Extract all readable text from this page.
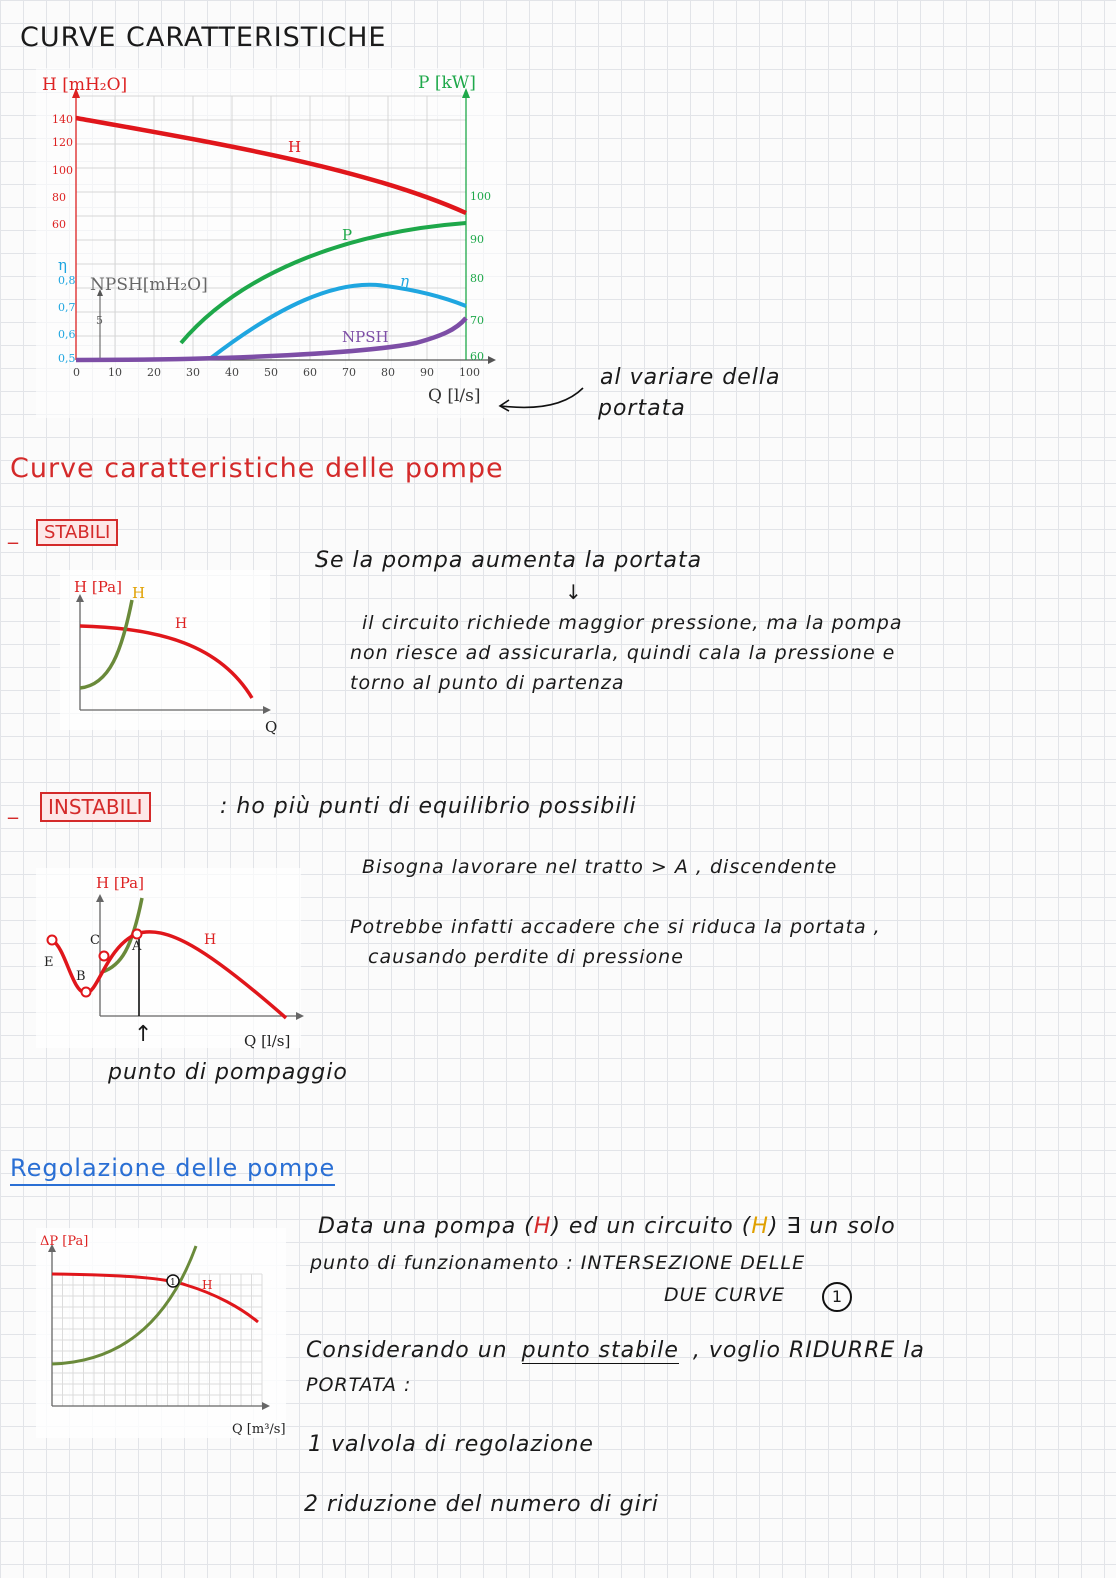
CURVE CARATTERISTICHE
H [mH₂O]	P [kW]
η
NPSH[mH₂O]
Q [l/s]
H
P
η
NPSH
0	10 20 30 40 50 60 70 80 90 100
140
120
100
80
60
0,8
0,7
0,6
0,5
100
90
80
70
60
5
al variare della
portata
Curve caratteristiche delle pompe
_	STABILI
H [Pa] H
H
Q
Se la pompa aumenta la portata
↓
il circuito richiede maggior pressione, ma la pompa
non riesce ad assicurarla, quindi cala la pressione e
torno al punto di partenza
_	INSTABILI	: ho più punti di equilibrio possibili
Bisogna lavorare nel tratto > A , discendente
Potrebbe infatti accadere che si riduca la portata ,
causando perdite di pressione
H [Pa]
H
Q [l/s]
A
B
C
E
↑
punto di pompaggio
Regolazione delle pompe
1
ΔP [Pa]
H
Q [m³/s]
Data una pompa (H) ed un circuito (H) ∃ un solo
punto di funzionamento : INTERSEZIONE DELLE
DUE CURVE	1
Considerando un punto stabile , voglio RIDURRE la
PORTATA :
1 valvola di regolazione
2 riduzione del numero di giri
